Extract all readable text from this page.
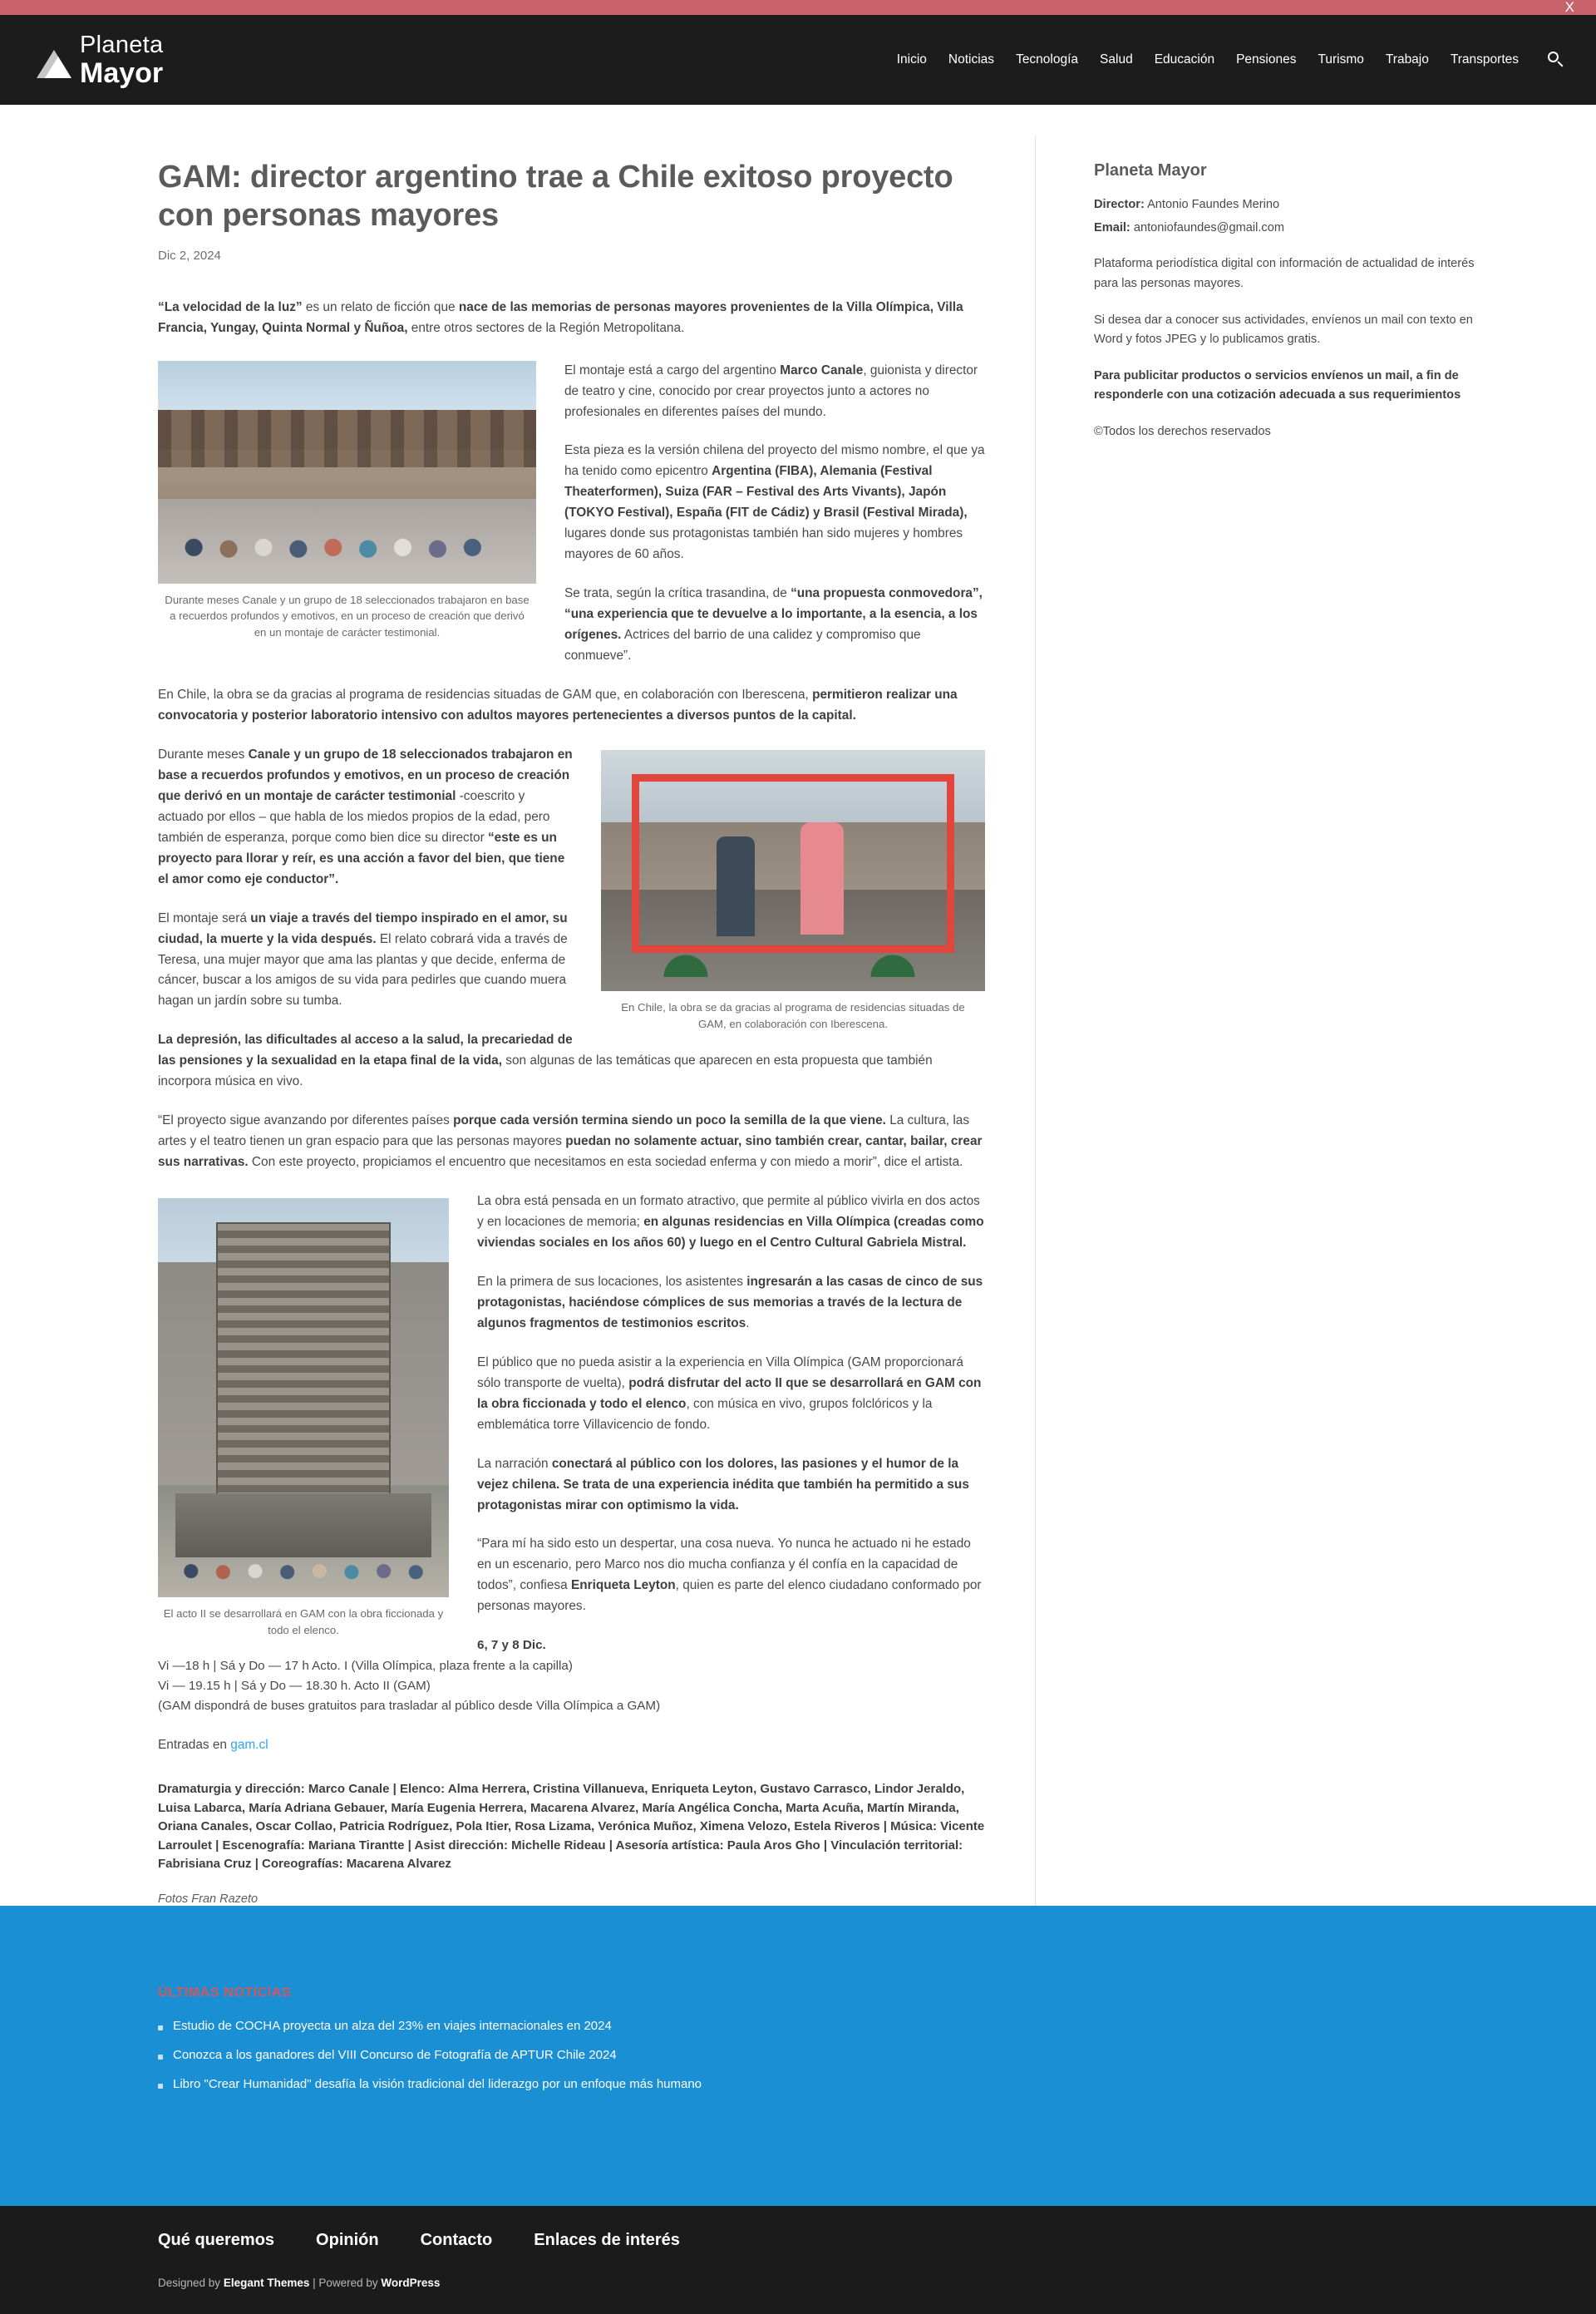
X
Planeta
Mayor	Inicio	Noticias	Tecnología	Salud	Educación	Pensiones	Turismo	Trabajo	Transportes
GAM: director argentino trae a Chile exitoso proyecto con personas mayores
Dic 2, 2024

“La velocidad de la luz” es un relato de ficción que nace de las memorias de personas mayores provenientes de la Villa Olímpica, Villa Francia, Yungay, Quinta Normal y Ñuñoa, entre otros sectores de la Región Metropolitana.

Durante meses Canale y un grupo de 18 seleccionados trabajaron en base a recuerdos profundos y emotivos, en un proceso de creación que derivó en un montaje de carácter testimonial.

El montaje está a cargo del argentino Marco Canale, guionista y director de teatro y cine, conocido por crear proyectos junto a actores no profesionales en diferentes países del mundo.

Esta pieza es la versión chilena del proyecto del mismo nombre, el que ya ha tenido como epicentro Argentina (FIBA), Alemania (Festival Theaterformen), Suiza (FAR – Festival des Arts Vivants), Japón (TOKYO Festival), España (FIT de Cádiz) y Brasil (Festival Mirada), lugares donde sus protagonistas también han sido mujeres y hombres mayores de 60 años.

Se trata, según la crítica trasandina, de “una propuesta conmovedora”, “una experiencia que te devuelve a lo importante, a la esencia, a los orígenes. Actrices del barrio de una calidez y compromiso que conmueve”.

En Chile, la obra se da gracias al programa de residencias situadas de GAM que, en colaboración con Iberescena, permitieron realizar una convocatoria y posterior laboratorio intensivo con adultos mayores pertenecientes a diversos puntos de la capital.

En Chile, la obra se da gracias al programa de residencias situadas de GAM, en colaboración con Iberescena.

Durante meses Canale y un grupo de 18 seleccionados trabajaron en base a recuerdos profundos y emotivos, en un proceso de creación que derivó en un montaje de carácter testimonial -coescrito y actuado por ellos – que habla de los miedos propios de la edad, pero también de esperanza, porque como bien dice su director “este es un proyecto para llorar y reír, es una acción a favor del bien, que tiene el amor como eje conductor”.

El montaje será un viaje a través del tiempo inspirado en el amor, su ciudad, la muerte y la vida después. El relato cobrará vida a través de Teresa, una mujer mayor que ama las plantas y que decide, enferma de cáncer, buscar a los amigos de su vida para pedirles que cuando muera hagan un jardín sobre su tumba.

La depresión, las dificultades al acceso a la salud, la precariedad de las pensiones y la sexualidad en la etapa final de la vida, son algunas de las temáticas que aparecen en esta propuesta que también incorpora música en vivo.

“El proyecto sigue avanzando por diferentes países porque cada versión termina siendo un poco la semilla de la que viene. La cultura, las artes y el teatro tienen un gran espacio para que las personas mayores puedan no solamente actuar, sino también crear, cantar, bailar, crear sus narrativas. Con este proyecto, propiciamos el encuentro que necesitamos en esta sociedad enferma y con miedo a morir”, dice el artista.

El acto II se desarrollará en GAM con la obra ficcionada y todo el elenco.

La obra está pensada en un formato atractivo, que permite al público vivirla en dos actos y en locaciones de memoria; en algunas residencias en Villa Olímpica (creadas como viviendas sociales en los años 60) y luego en el Centro Cultural Gabriela Mistral.

En la primera de sus locaciones, los asistentes ingresarán a las casas de cinco de sus protagonistas, haciéndose cómplices de sus memorias a través de la lectura de algunos fragmentos de testimonios escritos.

El público que no pueda asistir a la experiencia en Villa Olímpica (GAM proporcionará sólo transporte de vuelta), podrá disfrutar del acto II que se desarrollará en GAM con la obra ficcionada y todo el elenco, con música en vivo, grupos folclóricos y la emblemática torre Villavicencio de fondo.

La narración conectará al público con los dolores, las pasiones y el humor de la vejez chilena. Se trata de una experiencia inédita que también ha permitido a sus protagonistas mirar con optimismo la vida.

“Para mí ha sido esto un despertar, una cosa nueva. Yo nunca he actuado ni he estado en un escenario, pero Marco nos dio mucha confianza y él confía en la capacidad de todos”, confiesa Enriqueta Leyton, quien es parte del elenco ciudadano conformado por personas mayores.

6, 7 y 8 Dic.
Vi —18 h | Sá y Do — 17 h Acto. I (Villa Olímpica, plaza frente a la capilla)
Vi — 19.15 h | Sá y Do — 18.30 h. Acto II (GAM)
(GAM dispondrá de buses gratuitos para trasladar al público desde Villa Olímpica a GAM)

Entradas en gam.cl

Dramaturgia y dirección: Marco Canale | Elenco: Alma Herrera, Cristina Villanueva, Enriqueta Leyton, Gustavo Carrasco, Lindor Jeraldo, Luisa Labarca, María Adriana Gebauer, María Eugenia Herrera, Macarena Alvarez, María Angélica Concha, Marta Acuña, Martín Miranda, Oriana Canales, Oscar Collao, Patricia Rodríguez, Pola Itier, Rosa Lizama, Verónica Muñoz, Ximena Velozo, Estela Riveros | Música: Vicente Larroulet | Escenografía: Mariana Tirantte | Asist dirección: Michelle Rideau | Asesoría artística: Paula Aros Gho | Vinculación territorial: Fabrisiana Cruz | Coreografías: Macarena Alvarez
Fotos Fran Razeto
Planeta Mayor

Director: Antonio Faundes Merino

Email: antoniofaundes@gmail.com

Plataforma periodística digital con información de actualidad de interés para las personas mayores.

Si desea dar a conocer sus actividades, envíenos un mail con texto en Word y fotos JPEG y lo publicamos gratis.

Para publicitar productos o servicios envíenos un mail, a fin de responderle con una cotización adecuada a sus requerimientos

©Todos los derechos reservados

ÚLTIMAS NOTICIAS
Estudio de COCHA proyecta un alza del 23% en viajes internacionales en 2024
Conozca a los ganadores del VIII Concurso de Fotografía de APTUR Chile 2024
Libro "Crear Humanidad" desafía la visión tradicional del liderazgo por un enfoque más humano
Qué queremos	Opinión	Contacto	Enlaces de interés
Designed by Elegant Themes | Powered by WordPress
